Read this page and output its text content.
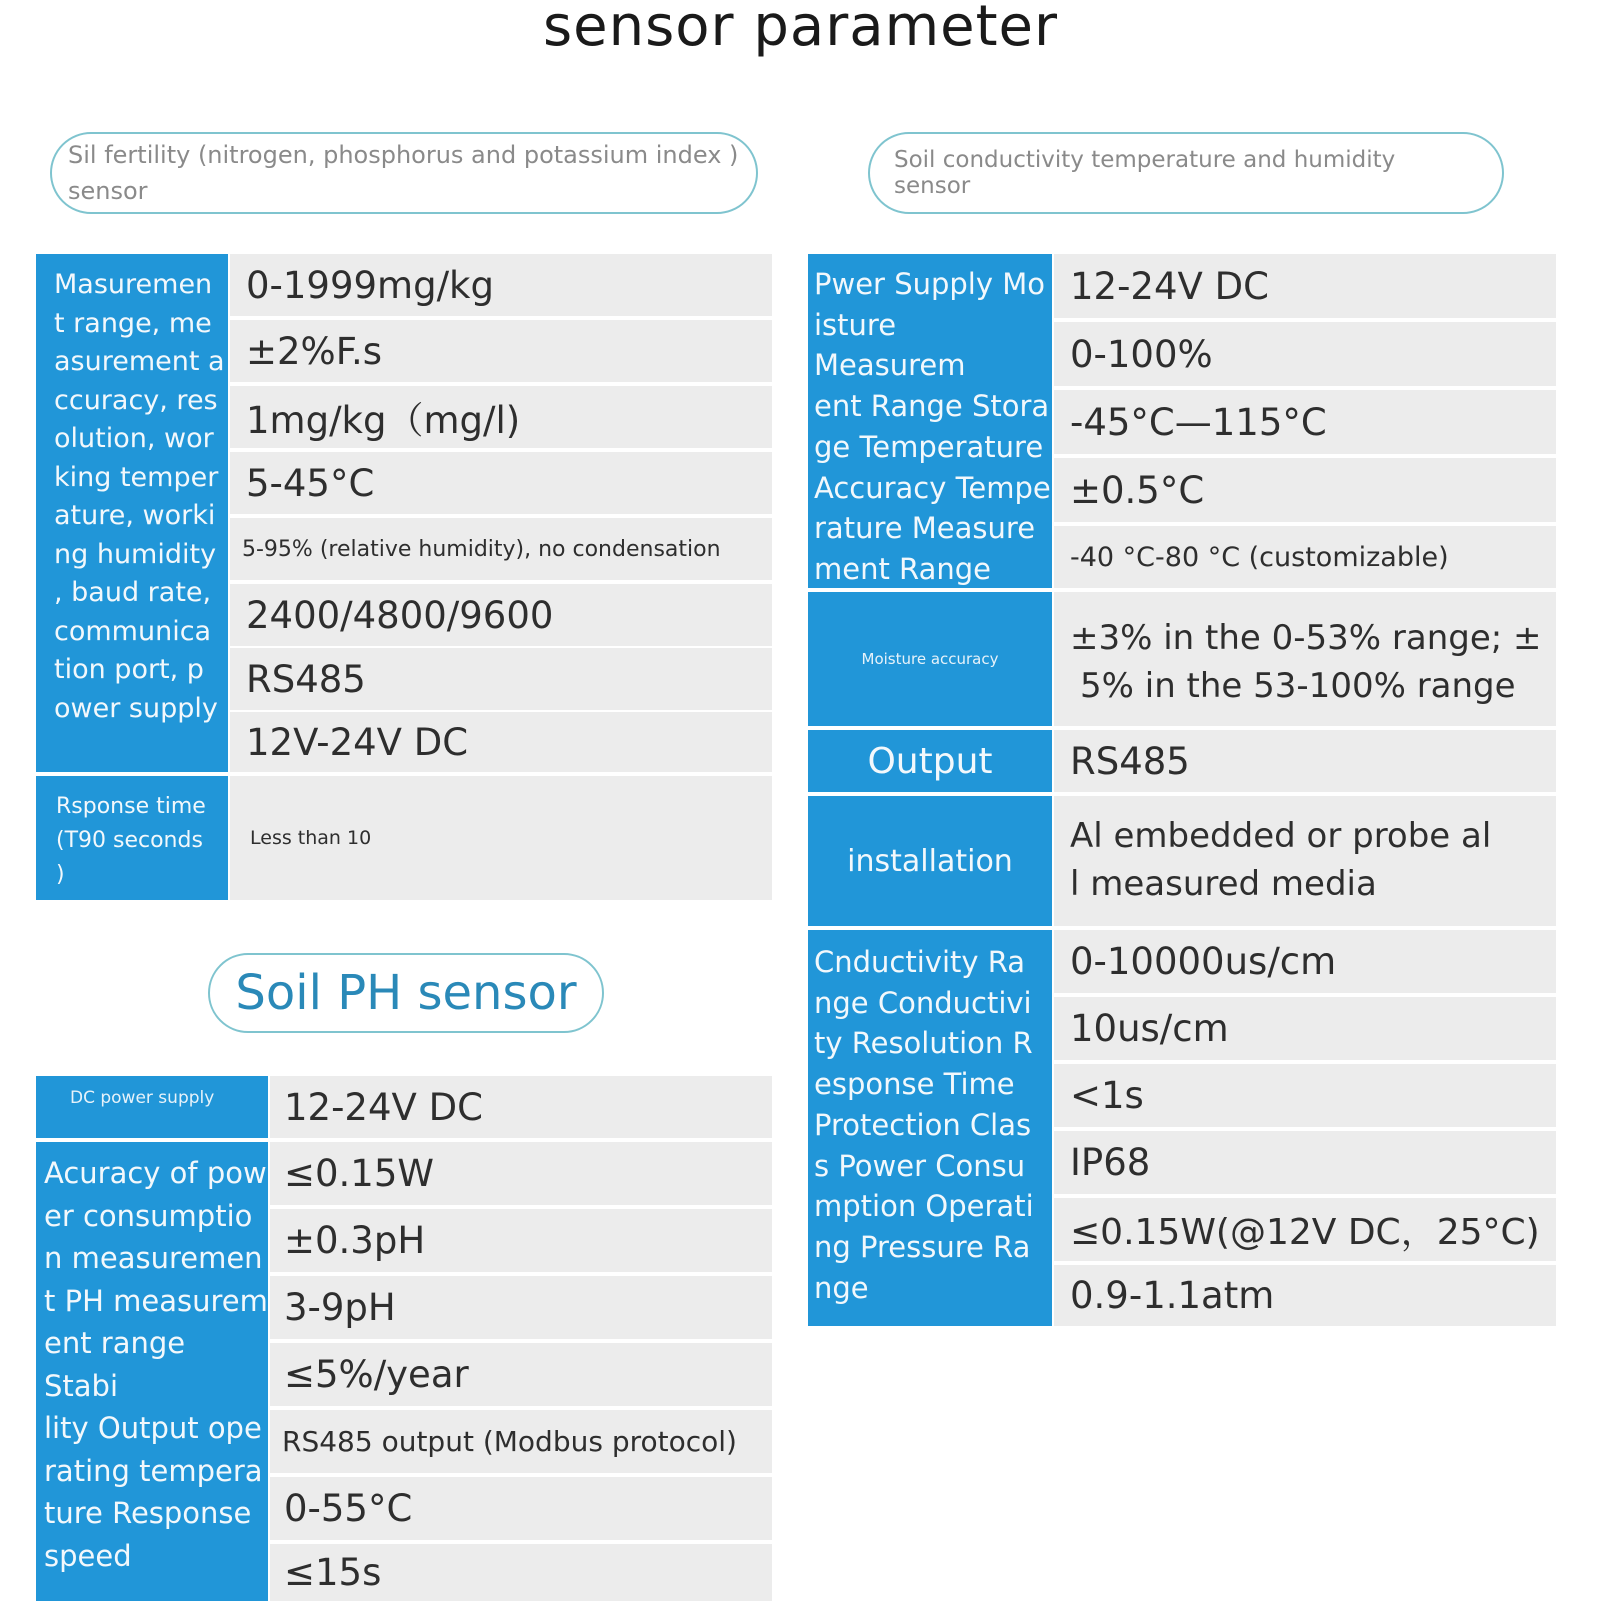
sensor parameter
Sil fertility (nitrogen, phosphorus and potassium index ) sensor
Masuremen
t range, me
asurement a
ccuracy, res
olution, wor
king temper
ature, worki
ng humidity
, baud rate,
communica
tion port, p
ower supply
0-1999mg/kg
±2%F.s
1mg/kg（mg/l)
5-45°C
5-95% (relative humidity), no condensation
2400/4800/9600
RS485
12V-24V DC
Rsponse time
(T90 seconds
)
Less than 10
Soil conductivity temperature and humidity sensor
Pwer Supply Mo
isture Measurem
ent Range Stora
ge Temperature
Accuracy Tempe
rature Measure
ment Range
12-24V DC
0-100%
-45°C—115°C
±0.5°C
-40 °C-80 °C (customizable)
Moisture accuracy
±3% in the 0-53% range; ±
5% in the 53-100% range
Output	RS485
installation
Al embedded or probe al
l measured media
Cnductivity Ra
nge Conductivi
ty Resolution R
esponse Time
Protection Clas
s Power Consu
mption Operati
ng Pressure Ra
nge
0-10000us/cm
10us/cm
<1s
IP68
≤0.15W(@12V DC，25°C)
0.9-1.1atm
Soil PH sensor
DC power supply	12-24V DC
Acuracy of pow
er consumptio
n measuremen
t PH measurem
ent range Stabi
lity Output ope
rating tempera
ture Response
speed
≤0.15W
±0.3pH
3-9pH
≤5%/year
RS485 output (Modbus protocol)
0-55°C
≤15s
